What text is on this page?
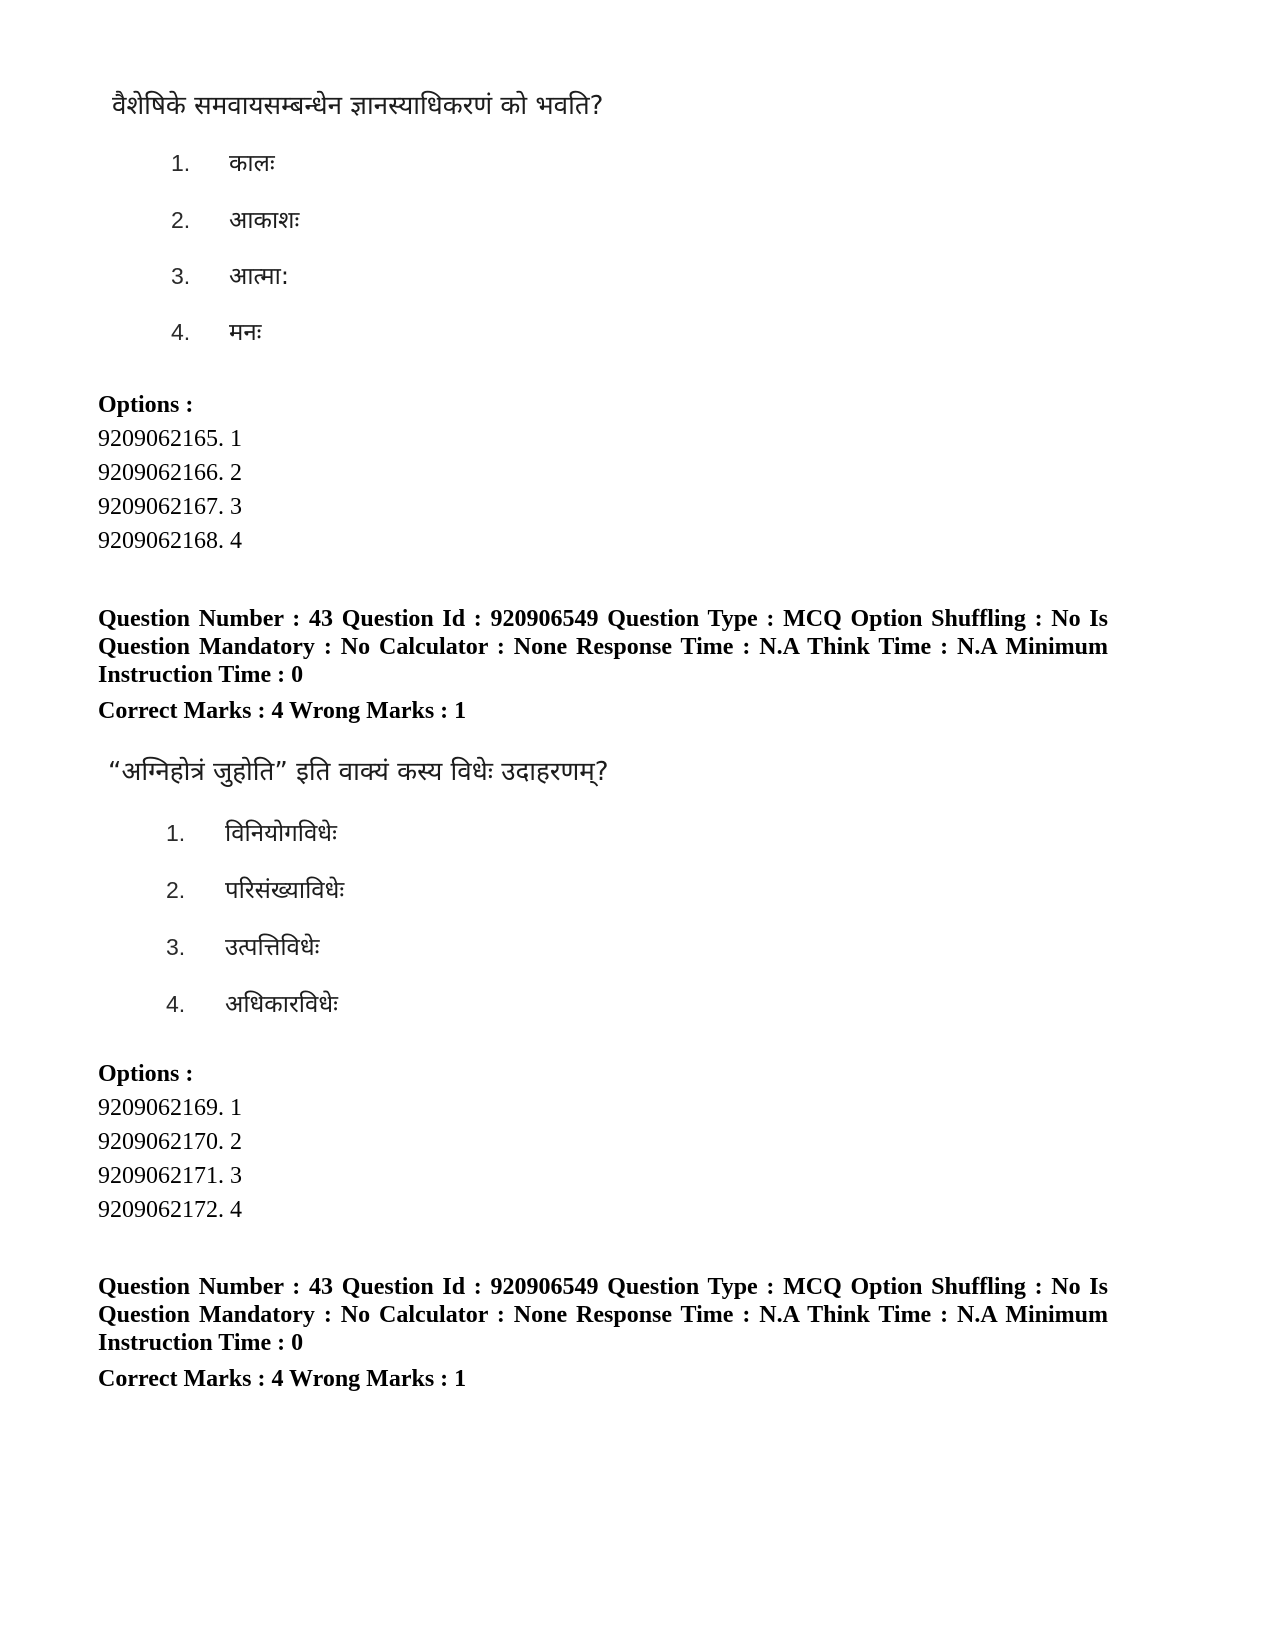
वैशेषिके समवायसम्बन्धेन ज्ञानस्याधिकरणं को भवति?
1. कालः
2. आकाशः
3. आत्मा:
4. मनः
Options :
9209062165. 1
9209062166. 2
9209062167. 3
9209062168. 4
Question Number : 43 Question Id : 920906549 Question Type : MCQ Option Shuffling : No Is Question Mandatory : No Calculator : None Response Time : N.A Think Time : N.A Minimum Instruction Time : 0
Correct Marks : 4 Wrong Marks : 1
“अग्निहोत्रं जुहोति” इति वाक्यं कस्य विधेः उदाहरणम्?
1. विनियोगविधेः
2. परिसंख्याविधेः
3. उत्पत्तिविधेः
4. अधिकारविधेः
Options :
9209062169. 1
9209062170. 2
9209062171. 3
9209062172. 4
Question Number : 43 Question Id : 920906549 Question Type : MCQ Option Shuffling : No Is Question Mandatory : No Calculator : None Response Time : N.A Think Time : N.A Minimum Instruction Time : 0
Correct Marks : 4 Wrong Marks : 1
